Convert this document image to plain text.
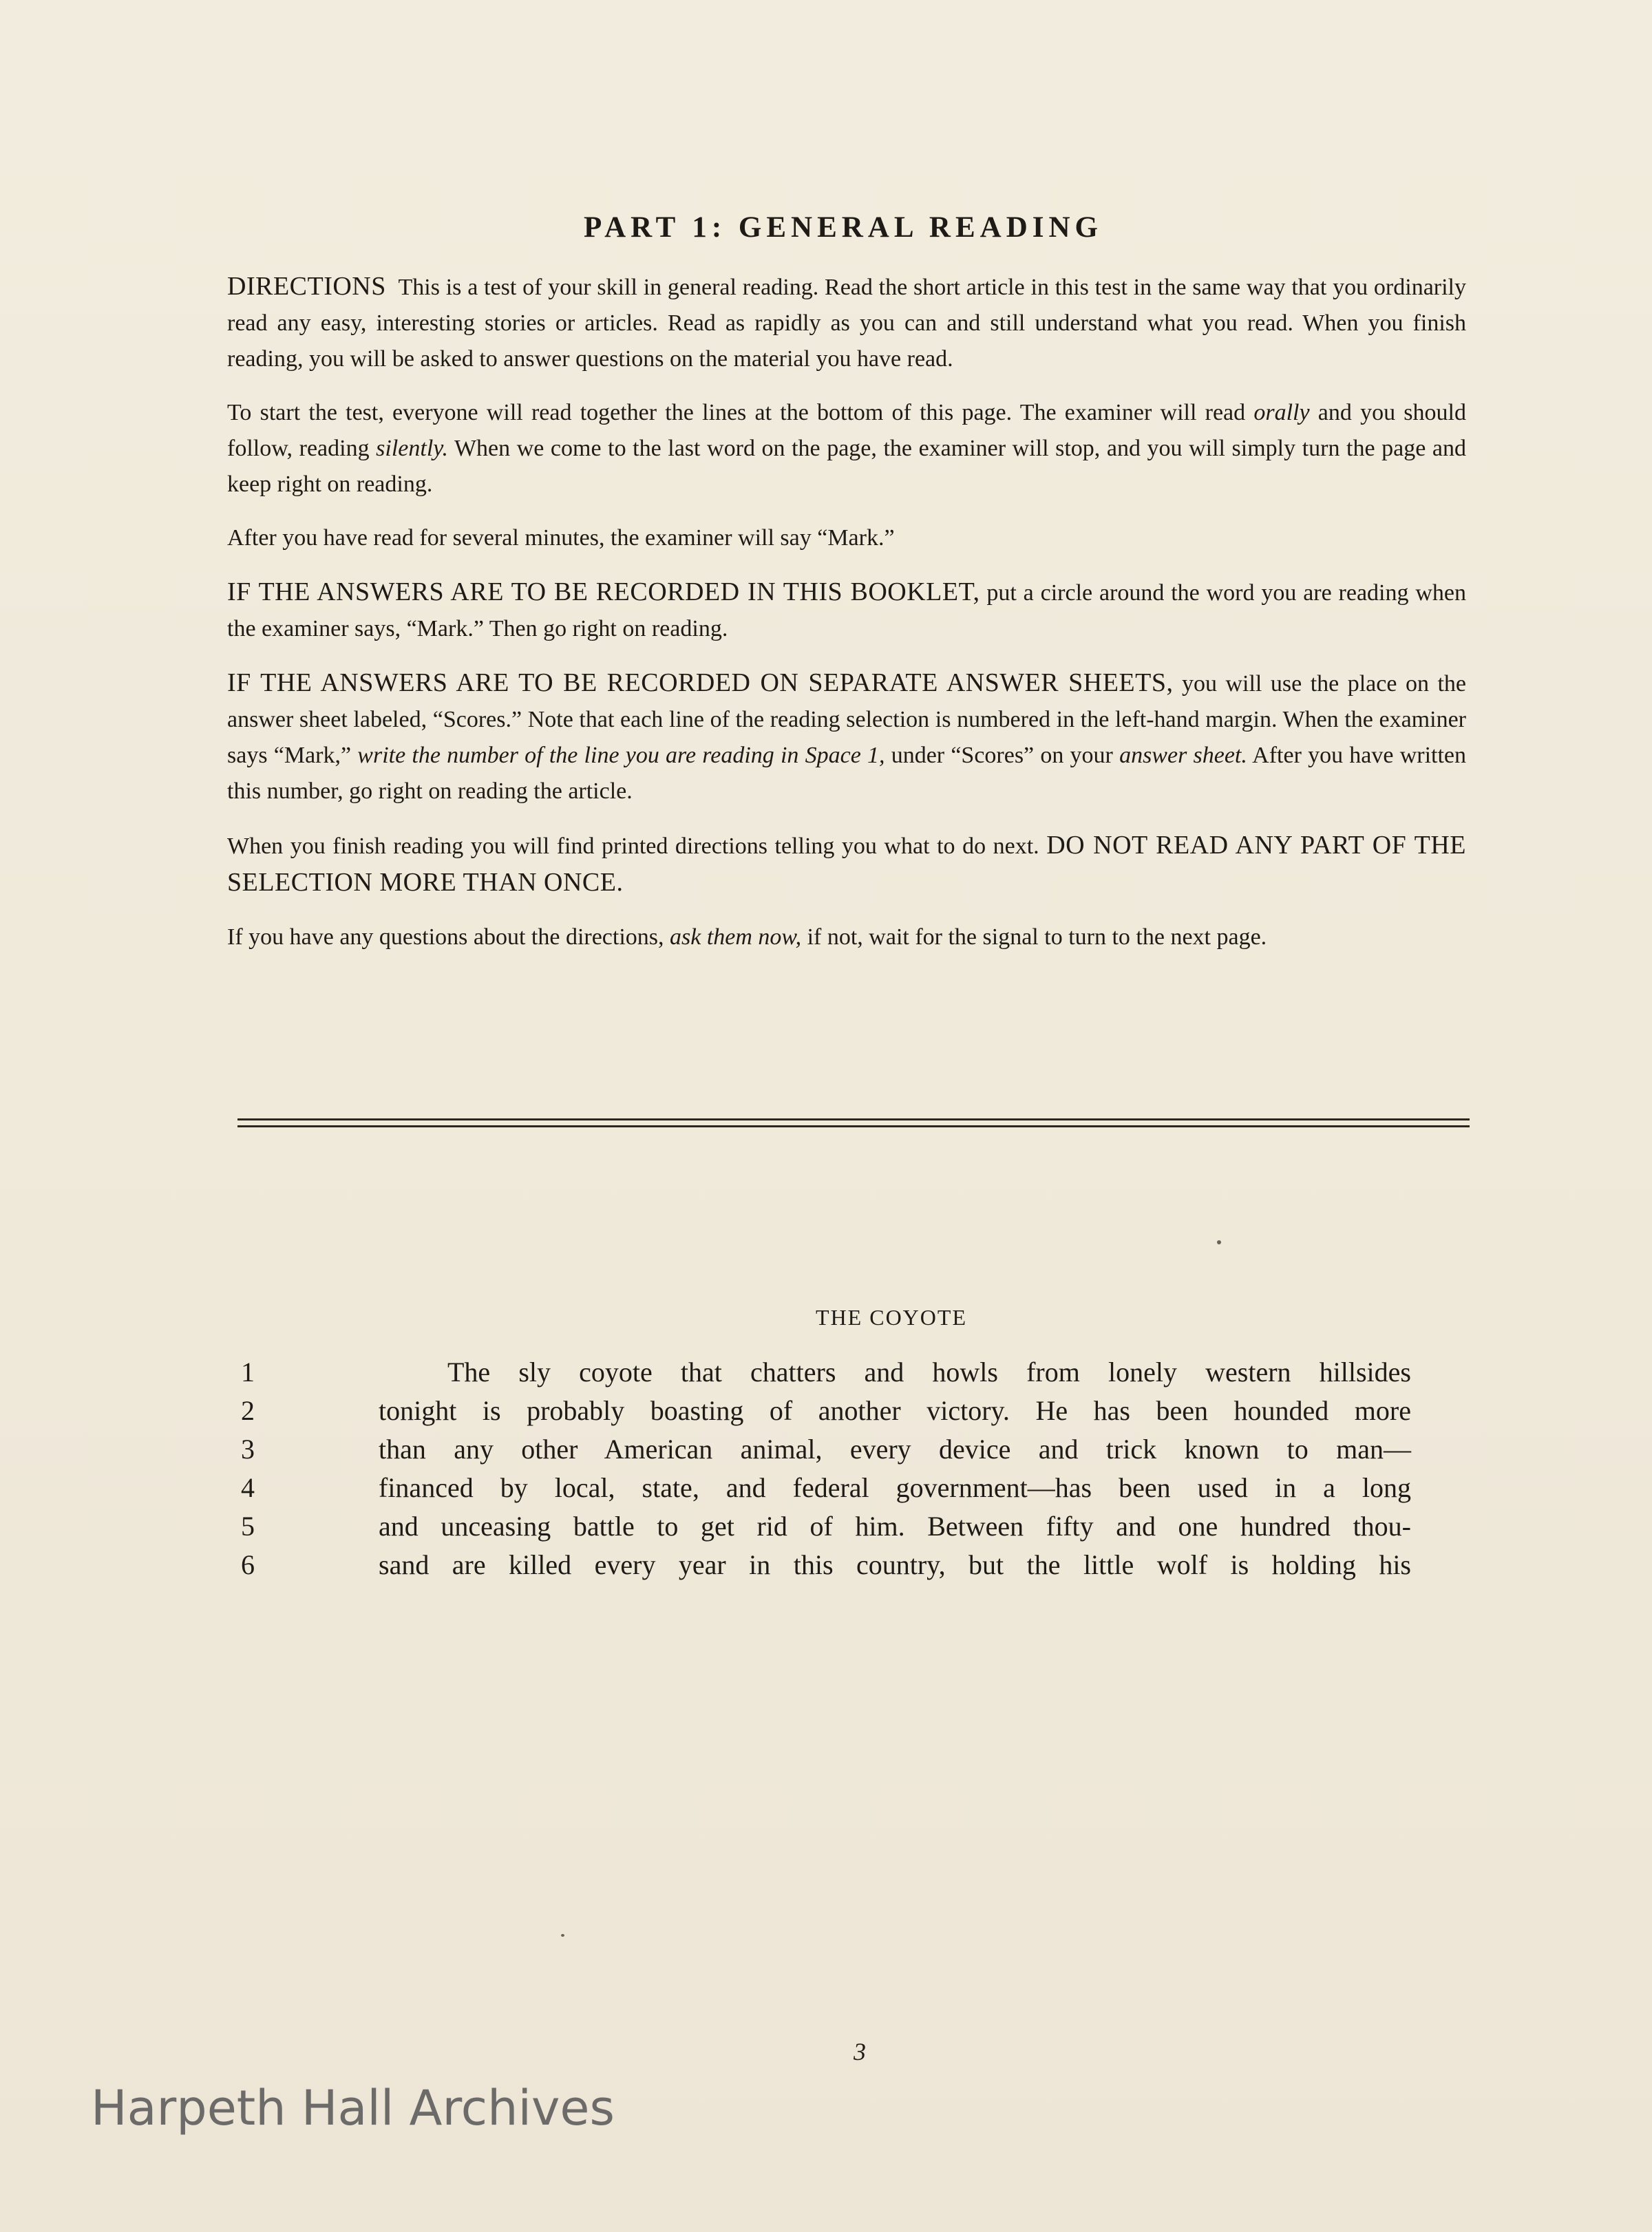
PART 1: GENERAL READING

DIRECTIONS This is a test of your skill in general reading. Read the short article in this test in the same way that you ordinarily read any easy, interesting stories or articles. Read as rapidly as you can and still understand what you read. When you finish reading, you will be asked to answer questions on the material you have read.

To start the test, everyone will read together the lines at the bottom of this page. The examiner will read orally and you should follow, reading silently. When we come to the last word on the page, the examiner will stop, and you will simply turn the page and keep right on reading.

After you have read for several minutes, the examiner will say “Mark.”

IF THE ANSWERS ARE TO BE RECORDED IN THIS BOOKLET, put a circle around the word you are reading when the examiner says, “Mark.” Then go right on reading.

IF THE ANSWERS ARE TO BE RECORDED ON SEPARATE ANSWER SHEETS, you will use the place on the answer sheet labeled, “Scores.” Note that each line of the reading selection is numbered in the left-hand margin. When the examiner says “Mark,” write the number of the line you are reading in Space 1, under “Scores” on your answer sheet. After you have written this number, go right on reading the article.

When you finish reading you will find printed directions telling you what to do next. DO NOT READ ANY PART OF THE SELECTION MORE THAN ONCE.

If you have any questions about the directions, ask them now, if not, wait for the signal to turn to the next page.

THE COYOTE
1	The sly coyote that chatters and howls from lonely western hillsides
2	tonight is probably boasting of another victory. He has been hounded more
3	than any other American animal, every device and trick known to man—
4	financed by local, state, and federal government—has been used in a long
5	and unceasing battle to get rid of him. Between fifty and one hundred thou-
6	sand are killed every year in this country, but the little wolf is holding his
3
Harpeth Hall Archives
